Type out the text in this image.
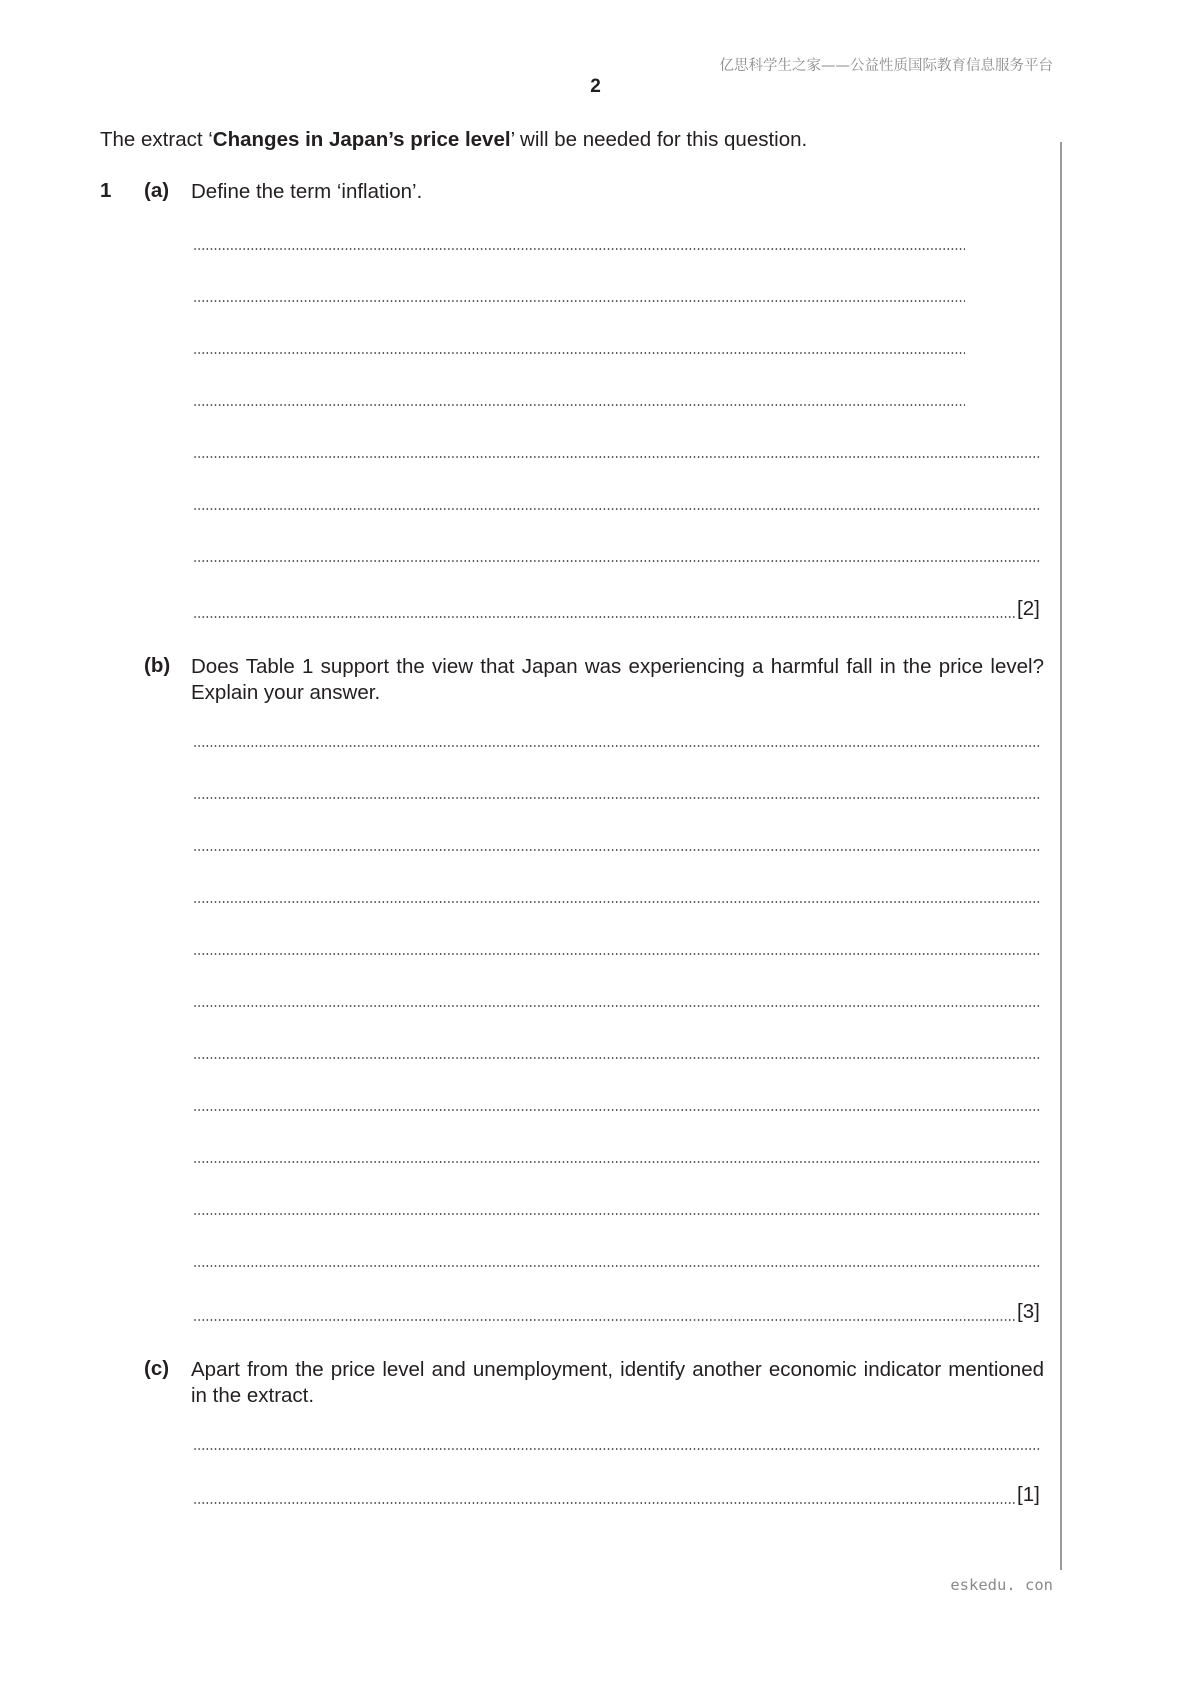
亿思科学生之家——公益性质国际教育信息服务平台
2
The extract ‘Changes in Japan’s price level’ will be needed for this question.
1 (a) Define the term ‘inflation’.
[2]
(b) Does Table 1 support the view that Japan was experiencing a harmful fall in the price level? Explain your answer.
[3]
(c) Apart from the price level and unemployment, identify another economic indicator mentioned in the extract.
[1]
eskedu. con
